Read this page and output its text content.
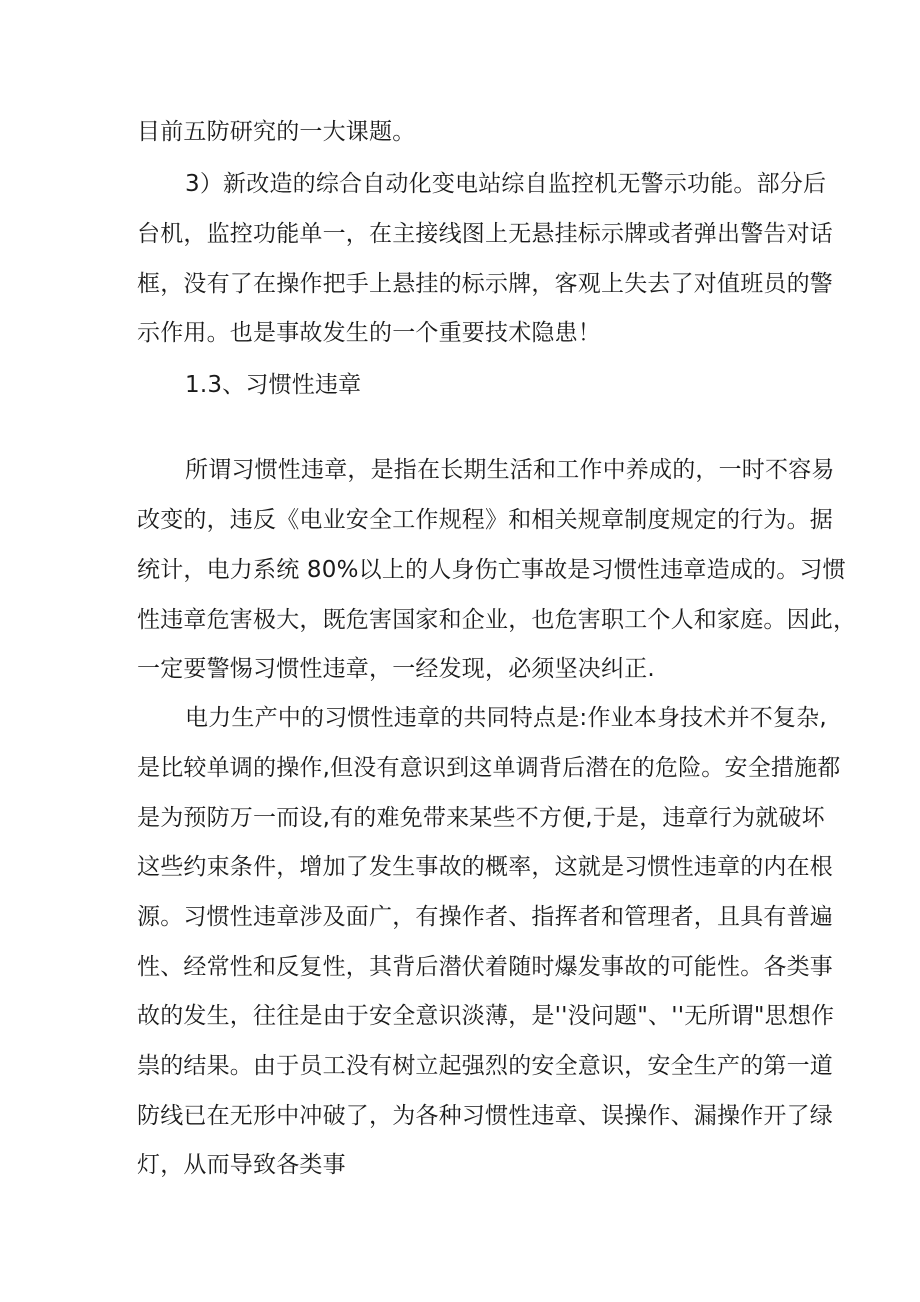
目前五防研究的一大课题。
3）新改造的综合自动化变电站综自监控机无警示功能。部分后
台机，监控功能单一，在主接线图上无悬挂标示牌或者弹出警告对话
框，没有了在操作把手上悬挂的标示牌，客观上失去了对值班员的警
示作用。也是事故发生的一个重要技术隐患！
1.3、习惯性违章
所谓习惯性违章，是指在长期生活和工作中养成的，一时不容易
改变的，违反《电业安全工作规程》和相关规章制度规定的行为。据
统计，电力系统 80%以上的人身伤亡事故是习惯性违章造成的。习惯
性违章危害极大，既危害国家和企业，也危害职工个人和家庭。因此，
一定要警惕习惯性违章，一经发现，必须坚决纠正.
电力生产中的习惯性违章的共同特点是:作业本身技术并不复杂,
是比较单调的操作,但没有意识到这单调背后潜在的危险。安全措施都
是为预防万一而设,有的难免带来某些不方便,于是，违章行为就破坏
这些约束条件，增加了发生事故的概率，这就是习惯性违章的内在根
源。习惯性违章涉及面广，有操作者、指挥者和管理者，且具有普遍
性、经常性和反复性，其背后潜伏着随时爆发事故的可能性。各类事
故的发生，往往是由于安全意识淡薄，是''没问题"、''无所谓"思想作
祟的结果。由于员工没有树立起强烈的安全意识，安全生产的第一道
防线已在无形中冲破了，为各种习惯性违章、误操作、漏操作开了绿
灯，从而导致各类事
